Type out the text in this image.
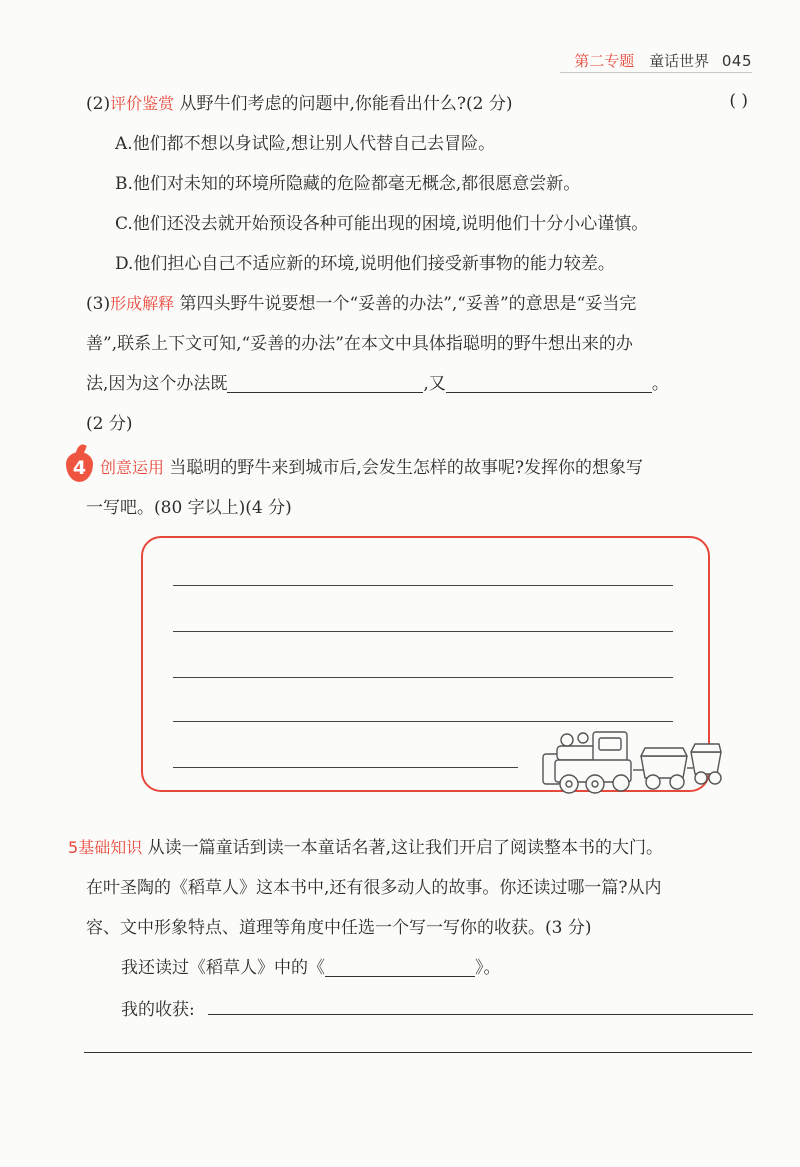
第二专题 童话世界 045
(2)评价鉴赏 从野牛们考虑的问题中,你能看出什么?(2 分)	( )
A.他们都不想以身试险,想让别人代替自己去冒险。
B.他们对未知的环境所隐藏的危险都毫无概念,都很愿意尝新。
C.他们还没去就开始预设各种可能出现的困境,说明他们十分小心谨慎。
D.他们担心自己不适应新的环境,说明他们接受新事物的能力较差。
(3)形成解释 第四头野牛说要想一个“妥善的办法”,“妥善”的意思是“妥当完
善”,联系上下文可知,“妥善的办法”在本文中具体指聪明的野牛想出来的办
法,因为这个办法既	,又	。
(2 分)
4 创意运用 当聪明的野牛来到城市后,会发生怎样的故事呢?发挥你的想象写
一写吧。(80 字以上)(4 分)
5基础知识 从读一篇童话到读一本童话名著,这让我们开启了阅读整本书的大门。
在叶圣陶的《稻草人》这本书中,还有很多动人的故事。你还读过哪一篇?从内
容、文中形象特点、道理等角度中任选一个写一写你的收获。(3 分)
我还读过《稻草人》中的《	》。
我的收获:
